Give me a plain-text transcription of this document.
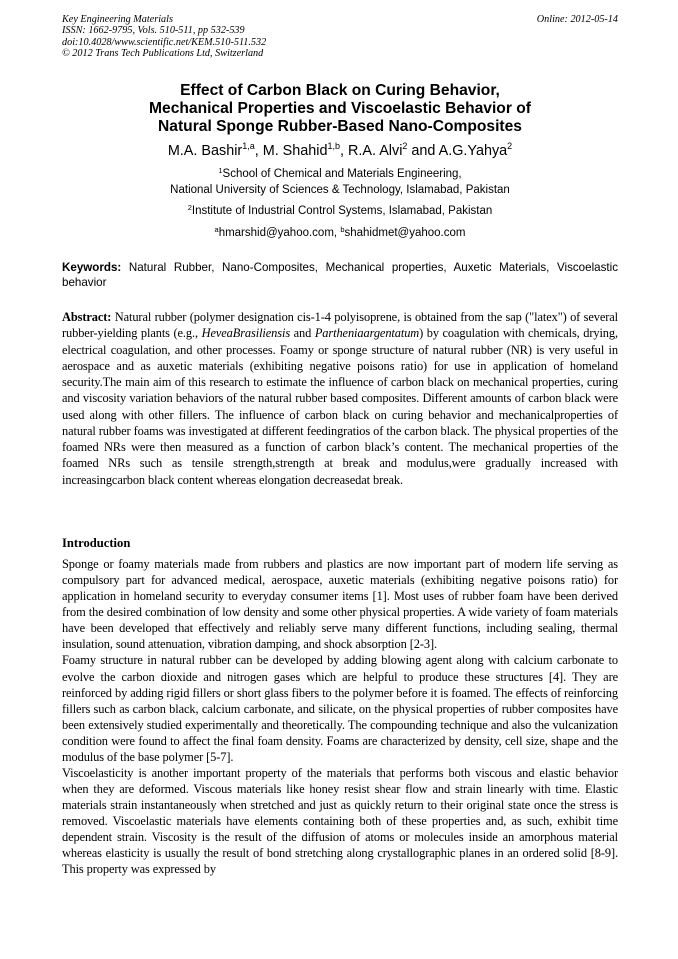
Key Engineering Materials	Online: 2012-05-14
ISSN: 1662-9795, Vols. 510-511, pp 532-539
doi:10.4028/www.scientific.net/KEM.510-511.532
© 2012 Trans Tech Publications Ltd, Switzerland
Effect of Carbon Black on Curing Behavior,
Mechanical Properties and Viscoelastic Behavior of
Natural Sponge Rubber-Based Nano-Composites
M.A. Bashir$^{1,a}$, M. Shahid$^{1,b}$, R.A. Alvi$^2$ and A.G.Yahya$^2$
$^1$School of Chemical and Materials Engineering,
National University of Sciences & Technology, Islamabad, Pakistan
$^2$Institute of Industrial Control Systems, Islamabad, Pakistan
$^a$hmarshid@yahoo.com, $^b$shahidmet@yahoo.com
Keywords: Natural Rubber, Nano-Composites, Mechanical properties, Auxetic Materials, Viscoelastic behavior
Abstract: Natural rubber (polymer designation cis-1-4 polyisoprene, is obtained from the sap ("latex") of several rubber-yielding plants (e.g., HeveaBrasiliensis and Partheniaargentatum) by coagulation with chemicals, drying, electrical coagulation, and other processes. Foamy or sponge structure of natural rubber (NR) is very useful in aerospace and as auxetic materials (exhibiting negative poisons ratio) for use in application of homeland security.The main aim of this research to estimate the influence of carbon black on mechanical properties, curing and viscosity variation behaviors of the natural rubber based composites. Different amounts of carbon black were used along with other fillers. The influence of carbon black on curing behavior and mechanicalproperties of natural rubber foams was investigated at different feedingratios of the carbon black. The physical properties of the foamed NRs were then measured as a function of carbon black’s content. The mechanical properties of the foamed NRs such as tensile strength,strength at break and modulus,were gradually increased with increasingcarbon black content whereas elongation decreasedat break.
Introduction

Sponge or foamy materials made from rubbers and plastics are now important part of modern life serving as compulsory part for advanced medical, aerospace, auxetic materials (exhibiting negative poisons ratio) for application in homeland security to everyday consumer items [1]. Most uses of rubber foam have been derived from the desired combination of low density and some other physical properties. A wide variety of foam materials have been developed that effectively and reliably serve many different functions, including sealing, thermal insulation, sound attenuation, vibration damping, and shock absorption [2-3].

Foamy structure in natural rubber can be developed by adding blowing agent along with calcium carbonate to evolve the carbon dioxide and nitrogen gases which are helpful to produce these structures [4]. They are reinforced by adding rigid fillers or short glass fibers to the polymer before it is foamed. The effects of reinforcing fillers such as carbon black, calcium carbonate, and silicate, on the physical properties of rubber composites have been extensively studied experimentally and theoretically. The compounding technique and also the vulcanization condition were found to affect the final foam density. Foams are characterized by density, cell size, shape and the modulus of the base polymer [5-7].

Viscoelasticity is another important property of the materials that performs both viscous and elastic behavior when they are deformed. Viscous materials like honey resist shear flow and strain linearly with time. Elastic materials strain instantaneously when stretched and just as quickly return to their original state once the stress is removed. Viscoelastic materials have elements containing both of these properties and, as such, exhibit time dependent strain. Viscosity is the result of the diffusion of atoms or molecules inside an amorphous material whereas elasticity is usually the result of bond stretching along crystallographic planes in an ordered solid [8-9]. This property was expressed by
